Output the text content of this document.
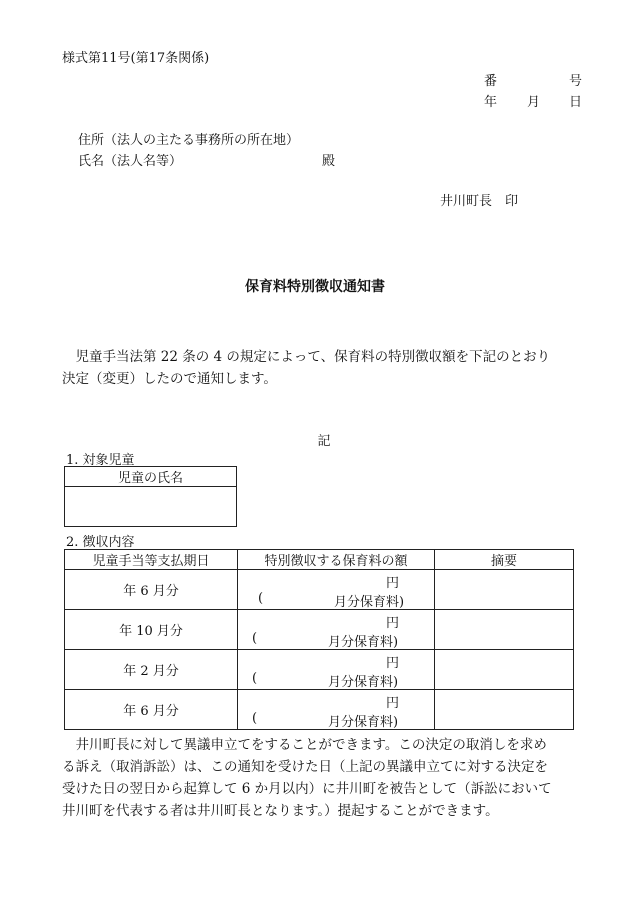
様式第11号(第17条関係)
番	号
年 月 日
住所（法人の主たる事務所の所在地）
氏名（法人名等）	殿
井川町長　印
保育料特別徴収通知書
　児童手当法第 22 条の 4 の規定によって、保育料の特別徴収額を下記のとおり
決定（変更）したので通知します。
記
1. 対象児童
児童の氏名

2. 徴収内容
児童手当等支払期日	特別徴収する保育料の額	摘要
年 6 月分	円
( 月分保育料)	

年 10 月分	円
( 月分保育料)	

年 2 月分	円
( 月分保育料)	

年 6 月分	円
( 月分保育料)	

　井川町長に対して異議申立てをすることができます。この決定の取消しを求め
る訴え（取消訴訟）は、この通知を受けた日（上記の異議申立てに対する決定を
受けた日の翌日から起算して 6 か月以内）に井川町を被告として（訴訟において
井川町を代表する者は井川町長となります。）提起することができます。
